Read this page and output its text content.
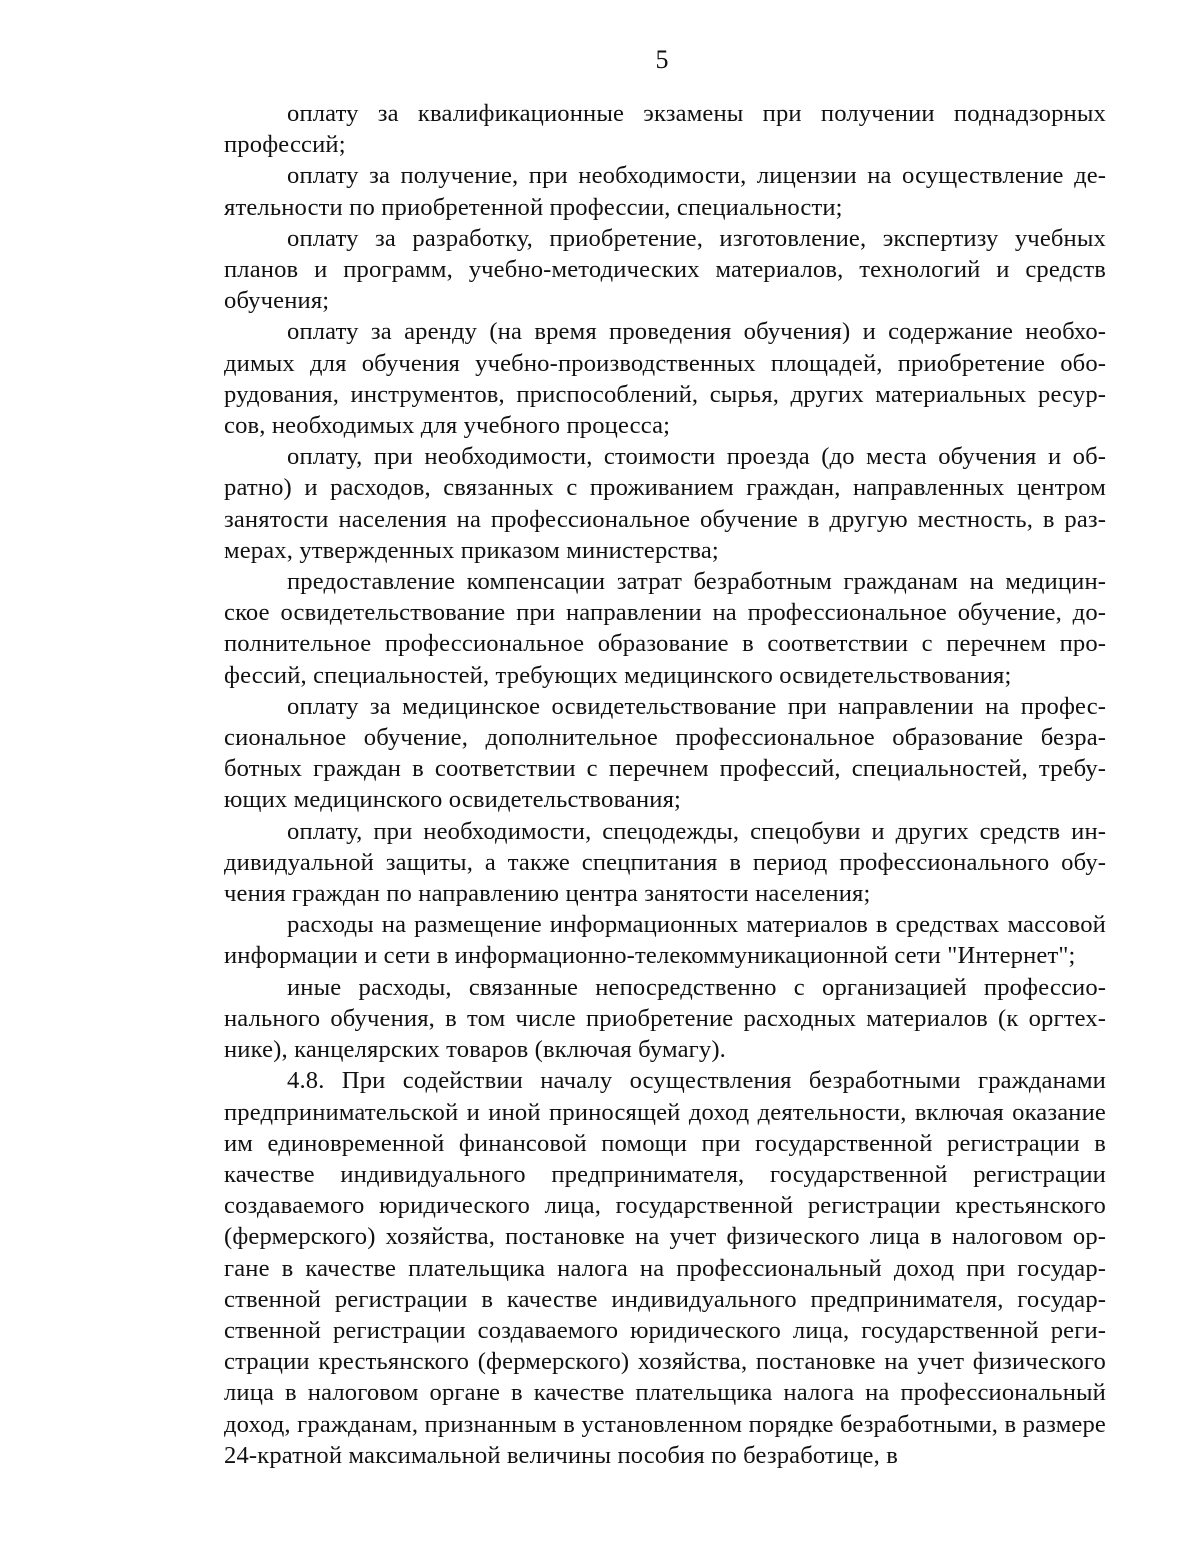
5

оплату за квалификационные экзамены при получении поднадзорных профессий;

оплату за получение, при необходимости, лицензии на осуществление деятельности по приобретенной профессии, специальности;

оплату за разработку, приобретение, изготовление, экспертизу учебных планов и программ, учебно-методических материалов, технологий и средств обучения;

оплату за аренду (на время проведения обучения) и содержание необходимых для обучения учебно-производственных площадей, приобретение оборудования, инструментов, приспособлений, сырья, других материальных ресурсов, необходимых для учебного процесса;

оплату, при необходимости, стоимости проезда (до места обучения и обратно) и расходов, связанных с проживанием граждан, направленных центром занятости населения на профессиональное обучение в другую местность, в размерах, утвержденных приказом министерства;

предоставление компенсации затрат безработным гражданам на медицинское освидетельствование при направлении на профессиональное обучение, дополнительное профессиональное образование в соответствии с перечнем профессий, специальностей, требующих медицинского освидетельствования;

оплату за медицинское освидетельствование при направлении на профессиональное обучение, дополнительное профессиональное образование безработных граждан в соответствии с перечнем профессий, специальностей, требующих медицинского освидетельствования;

оплату, при необходимости, спецодежды, спецобуви и других средств индивидуальной защиты, а также спецпитания в период профессионального обучения граждан по направлению центра занятости населения;

расходы на размещение информационных материалов в средствах массовой информации и сети в информационно-телекоммуникационной сети "Интернет";

иные расходы, связанные непосредственно с организацией профессионального обучения, в том числе приобретение расходных материалов (к оргтехнике), канцелярских товаров (включая бумагу).

4.8. При содействии началу осуществления безработными гражданами предпринимательской и иной приносящей доход деятельности, включая оказание им единовременной финансовой помощи при государственной регистрации в качестве индивидуального предпринимателя, государственной регистрации создаваемого юридического лица, государственной регистрации крестьянского (фермерского) хозяйства, постановке на учет физического лица в налоговом органе в качестве плательщика налога на профессиональный доход при государственной регистрации в качестве индивидуального предпринимателя, государственной регистрации создаваемого юридического лица, государственной регистрации крестьянского (фермерского) хозяйства, постановке на учет физического лица в налоговом органе в качестве плательщика налога на профессиональный доход, гражданам, признанным в установленном порядке безработными, в размере 24-кратной максимальной величины пособия по безработице, в
